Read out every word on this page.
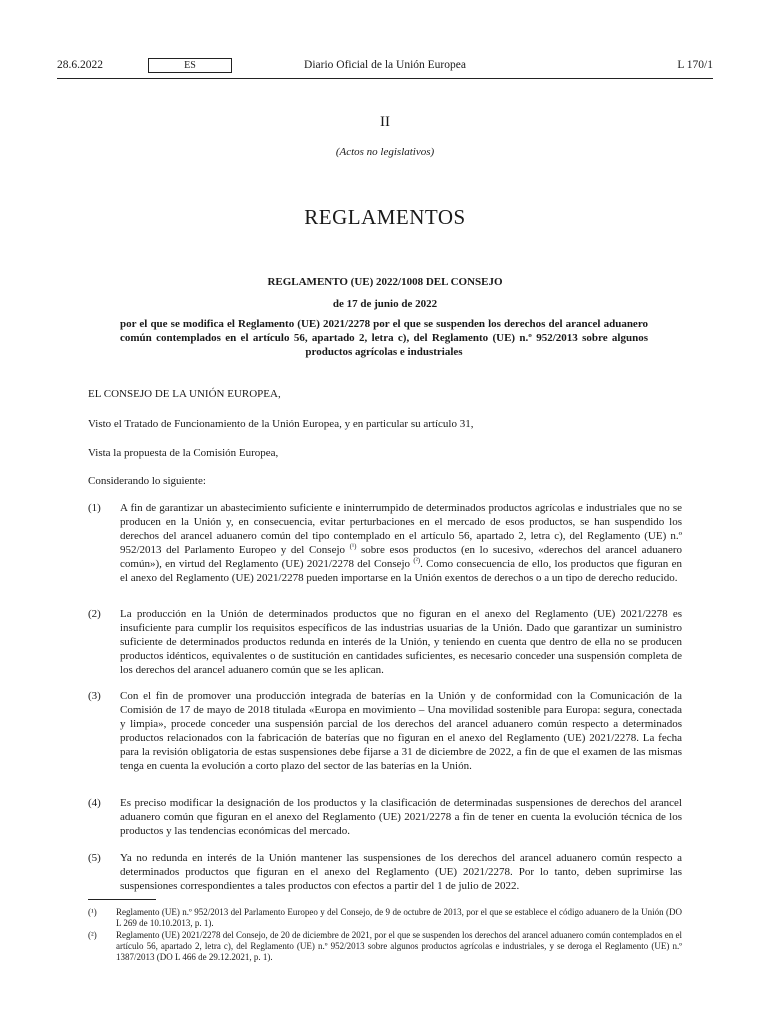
28.6.2022	ES	Diario Oficial de la Unión Europea	L 170/1
II
(Actos no legislativos)
REGLAMENTOS
REGLAMENTO (UE) 2022/1008 DEL CONSEJO
de 17 de junio de 2022
por el que se modifica el Reglamento (UE) 2021/2278 por el que se suspenden los derechos del arancel aduanero común contemplados en el artículo 56, apartado 2, letra c), del Reglamento (UE) n.º 952/2013 sobre algunos productos agrícolas e industriales
EL CONSEJO DE LA UNIÓN EUROPEA,
Visto el Tratado de Funcionamiento de la Unión Europea, y en particular su artículo 31,
Vista la propuesta de la Comisión Europea,
Considerando lo siguiente:
(1)	A fin de garantizar un abastecimiento suficiente e ininterrumpido de determinados productos agrícolas e industriales que no se producen en la Unión y, en consecuencia, evitar perturbaciones en el mercado de esos productos, se han suspendido los derechos del arancel aduanero común del tipo contemplado en el artículo 56, apartado 2, letra c), del Reglamento (UE) n.º 952/2013 del Parlamento Europeo y del Consejo $^{(^1)}$ sobre esos productos (en lo sucesivo, «derechos del arancel aduanero común»), en virtud del Reglamento (UE) 2021/2278 del Consejo $^{(^2)}$. Como consecuencia de ello, los productos que figuran en el anexo del Reglamento (UE) 2021/2278 pueden importarse en la Unión exentos de derechos o a un tipo de derecho reducido.
(2)	La producción en la Unión de determinados productos que no figuran en el anexo del Reglamento (UE) 2021/2278 es insuficiente para cumplir los requisitos específicos de las industrias usuarias de la Unión. Dado que garantizar un suministro suficiente de determinados productos redunda en interés de la Unión, y teniendo en cuenta que dentro de ella no se producen productos idénticos, equivalentes o de sustitución en cantidades suficientes, es necesario conceder una suspensión completa de los derechos del arancel aduanero común que se les aplican.
(3)	Con el fin de promover una producción integrada de baterías en la Unión y de conformidad con la Comunicación de la Comisión de 17 de mayo de 2018 titulada «Europa en movimiento – Una movilidad sostenible para Europa: segura, conectada y limpia», procede conceder una suspensión parcial de los derechos del arancel aduanero común respecto a determinados productos relacionados con la fabricación de baterías que no figuran en el anexo del Reglamento (UE) 2021/2278. La fecha para la revisión obligatoria de estas suspensiones debe fijarse a 31 de diciembre de 2022, a fin de que el examen de las mismas tenga en cuenta la evolución a corto plazo del sector de las baterías en la Unión.
(4)	Es preciso modificar la designación de los productos y la clasificación de determinadas suspensiones de derechos del arancel aduanero común que figuran en el anexo del Reglamento (UE) 2021/2278 a fin de tener en cuenta la evolución técnica de los productos y las tendencias económicas del mercado.
(5)	Ya no redunda en interés de la Unión mantener las suspensiones de los derechos del arancel aduanero común respecto a determinados productos que figuran en el anexo del Reglamento (UE) 2021/2278. Por lo tanto, deben suprimirse las suspensiones correspondientes a tales productos con efectos a partir del 1 de julio de 2022.
(¹) Reglamento (UE) n.º 952/2013 del Parlamento Europeo y del Consejo, de 9 de octubre de 2013, por el que se establece el código aduanero de la Unión (DO L 269 de 10.10.2013, p. 1).
(²) Reglamento (UE) 2021/2278 del Consejo, de 20 de diciembre de 2021, por el que se suspenden los derechos del arancel aduanero común contemplados en el artículo 56, apartado 2, letra c), del Reglamento (UE) n.º 952/2013 sobre algunos productos agrícolas e industriales, y se deroga el Reglamento (UE) n.º 1387/2013 (DO L 466 de 29.12.2021, p. 1).
